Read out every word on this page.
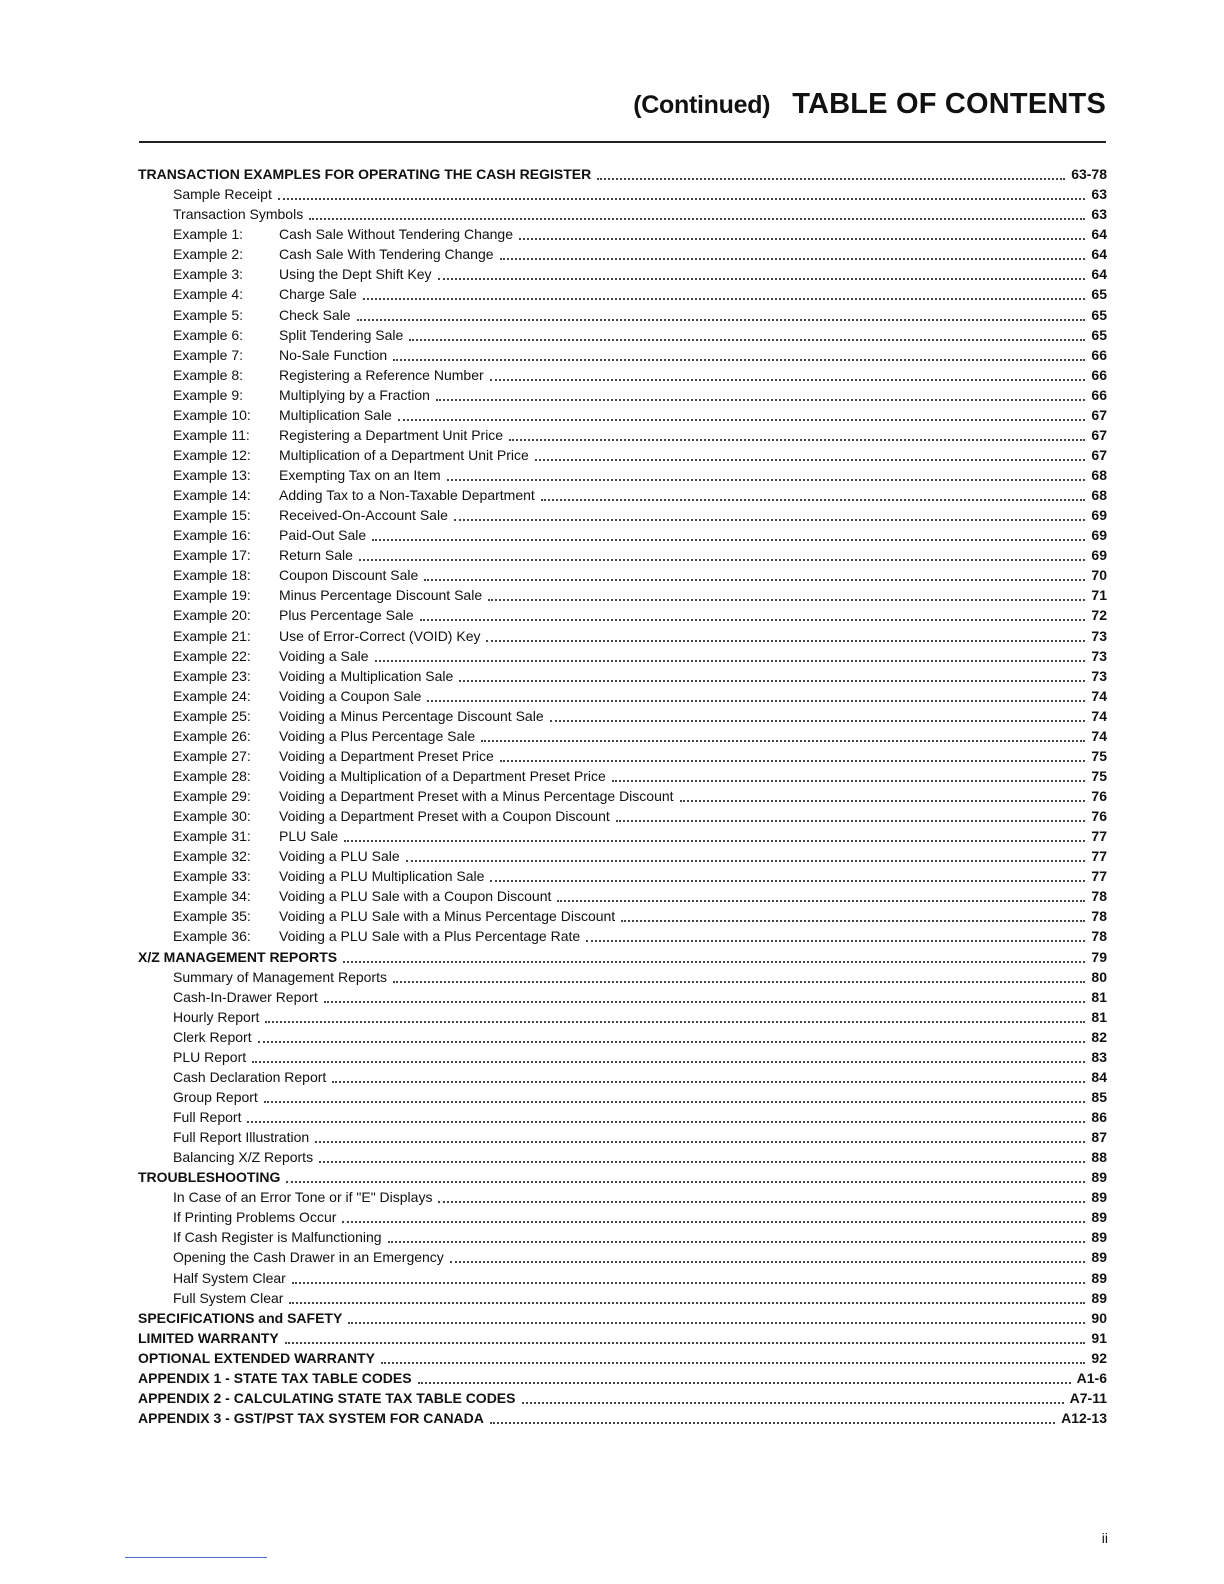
(Continued) TABLE OF CONTENTS
TRANSACTION EXAMPLES FOR OPERATING THE CASH REGISTER	63-78
Sample Receipt	63
Transaction Symbols	63
Example 1:	Cash Sale Without Tendering Change	64
Example 2:	Cash Sale With Tendering Change	64
Example 3:	Using the Dept Shift Key	64
Example 4:	Charge Sale	65
Example 5:	Check Sale	65
Example 6:	Split Tendering Sale	65
Example 7:	No-Sale Function	66
Example 8:	Registering a Reference Number	66
Example 9:	Multiplying by a Fraction	66
Example 10:	Multiplication Sale	67
Example 11:	Registering a Department Unit Price	67
Example 12:	Multiplication of a Department Unit Price	67
Example 13:	Exempting Tax on an Item	68
Example 14:	Adding Tax to a Non-Taxable Department	68
Example 15:	Received-On-Account Sale	69
Example 16:	Paid-Out Sale	69
Example 17:	Return Sale	69
Example 18:	Coupon Discount Sale	70
Example 19:	Minus Percentage Discount Sale	71
Example 20:	Plus Percentage Sale	72
Example 21:	Use of Error-Correct (VOID) Key	73
Example 22:	Voiding a Sale	73
Example 23:	Voiding a Multiplication Sale	73
Example 24:	Voiding a Coupon Sale	74
Example 25:	Voiding a Minus Percentage Discount Sale	74
Example 26:	Voiding a Plus Percentage Sale	74
Example 27:	Voiding a Department Preset Price	75
Example 28:	Voiding a Multiplication of a Department Preset Price	75
Example 29:	Voiding a Department Preset with a Minus Percentage Discount	76
Example 30:	Voiding a Department Preset with a Coupon Discount	76
Example 31:	PLU Sale	77
Example 32:	Voiding a PLU Sale	77
Example 33:	Voiding a PLU Multiplication Sale	77
Example 34:	Voiding a PLU Sale with a Coupon Discount	78
Example 35:	Voiding a PLU Sale with a Minus Percentage Discount	78
Example 36:	Voiding a PLU Sale with a Plus Percentage Rate	78
X/Z MANAGEMENT REPORTS	79
Summary of Management Reports	80
Cash-In-Drawer Report	81
Hourly Report	81
Clerk Report	82
PLU Report	83
Cash Declaration Report	84
Group Report	85
Full Report	86
Full Report Illustration	87
Balancing X/Z Reports	88
TROUBLESHOOTING	89
In Case of an Error Tone or if "E" Displays	89
If Printing Problems Occur	89
If Cash Register is Malfunctioning	89
Opening the Cash Drawer in an Emergency	89
Half System Clear	89
Full System Clear	89
SPECIFICATIONS and SAFETY	90
LIMITED WARRANTY	91
OPTIONAL EXTENDED WARRANTY	92
APPENDIX 1 - STATE TAX TABLE CODES	A1-6
APPENDIX 2 - CALCULATING STATE TAX TABLE CODES	A7-11
APPENDIX 3 - GST/PST TAX SYSTEM FOR CANADA	A12-13
ii
